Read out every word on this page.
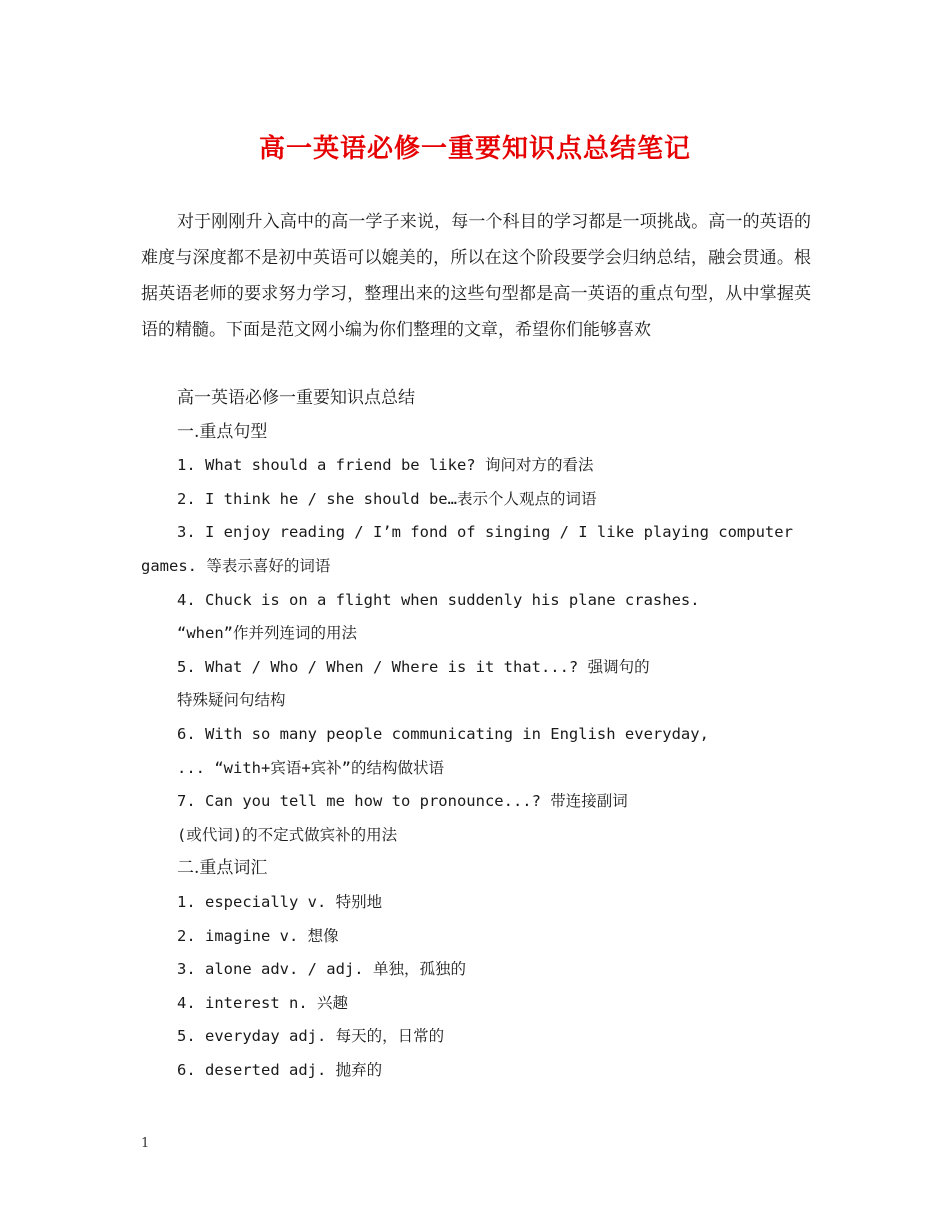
高一英语必修一重要知识点总结笔记

对于刚刚升入高中的高一学子来说，每一个科目的学习都是一项挑战。高一的英语的难度与深度都不是初中英语可以媲美的，所以在这个阶段要学会归纳总结，融会贯通。根据英语老师的要求努力学习，整理出来的这些句型都是高一英语的重点句型，从中掌握英语的精髓。下面是范文网小编为你们整理的文章，希望你们能够喜欢

高一英语必修一重要知识点总结
一.重点句型
1. What should a friend be like? 询问对方的看法
2. I think he / she should be…表示个人观点的词语
3. I enjoy reading / I’m fond of singing / I like playing computer
games. 等表示喜好的词语
4. Chuck is on a flight when suddenly his plane crashes.
“when”作并列连词的用法
5. What / Who / When / Where is it that...? 强调句的
特殊疑问句结构
6. With so many people communicating in English everyday,
... “with+宾语+宾补”的结构做状语
7. Can you tell me how to pronounce...? 带连接副词
(或代词)的不定式做宾补的用法
二.重点词汇
1. especially v. 特别地
2. imagine v. 想像
3. alone adv. / adj. 单独，孤独的
4. interest n. 兴趣
5. everyday adj. 每天的，日常的
6. deserted adj. 抛弃的
1
